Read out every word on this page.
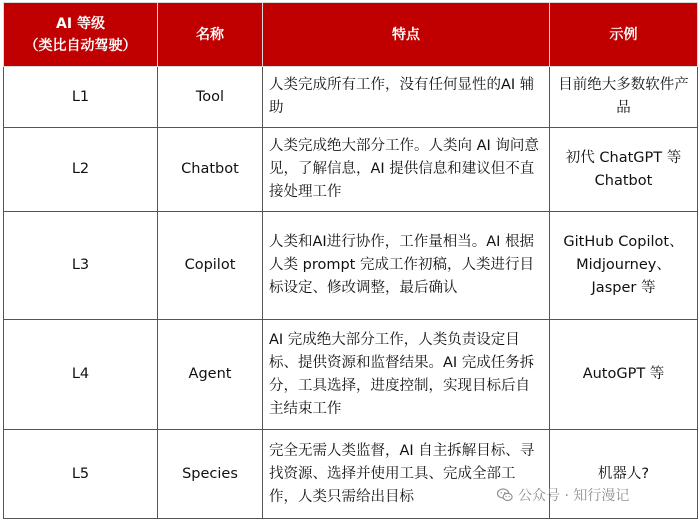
AI 等级
（类比自动驾驶）	名称	特点	示例
L1	Tool	人类完成所有工作，没有任何显性的AI 辅助	目前绝大多数软件产品
L2	Chatbot	人类完成绝大部分工作。人类向 AI 询问意见，了解信息，AI 提供信息和建议但不直接处理工作	初代 ChatGPT 等 Chatbot
L3	Copilot	人类和AI进行协作，工作量相当。AI 根据人类 prompt 完成工作初稿，人类进行目标设定、修改调整，最后确认	GitHub Copilot、Midjourney、Jasper 等
L4	Agent	AI 完成绝大部分工作，人类负责设定目标、提供资源和监督结果。AI 完成任务拆分，工具选择，进度控制，实现目标后自主结束工作	AutoGPT 等
L5	Species	完全无需人类监督，AI 自主拆解目标、寻找资源、选择并使用工具、完成全部工作，人类只需给出目标	机器人?
公众号 · 知行漫记
